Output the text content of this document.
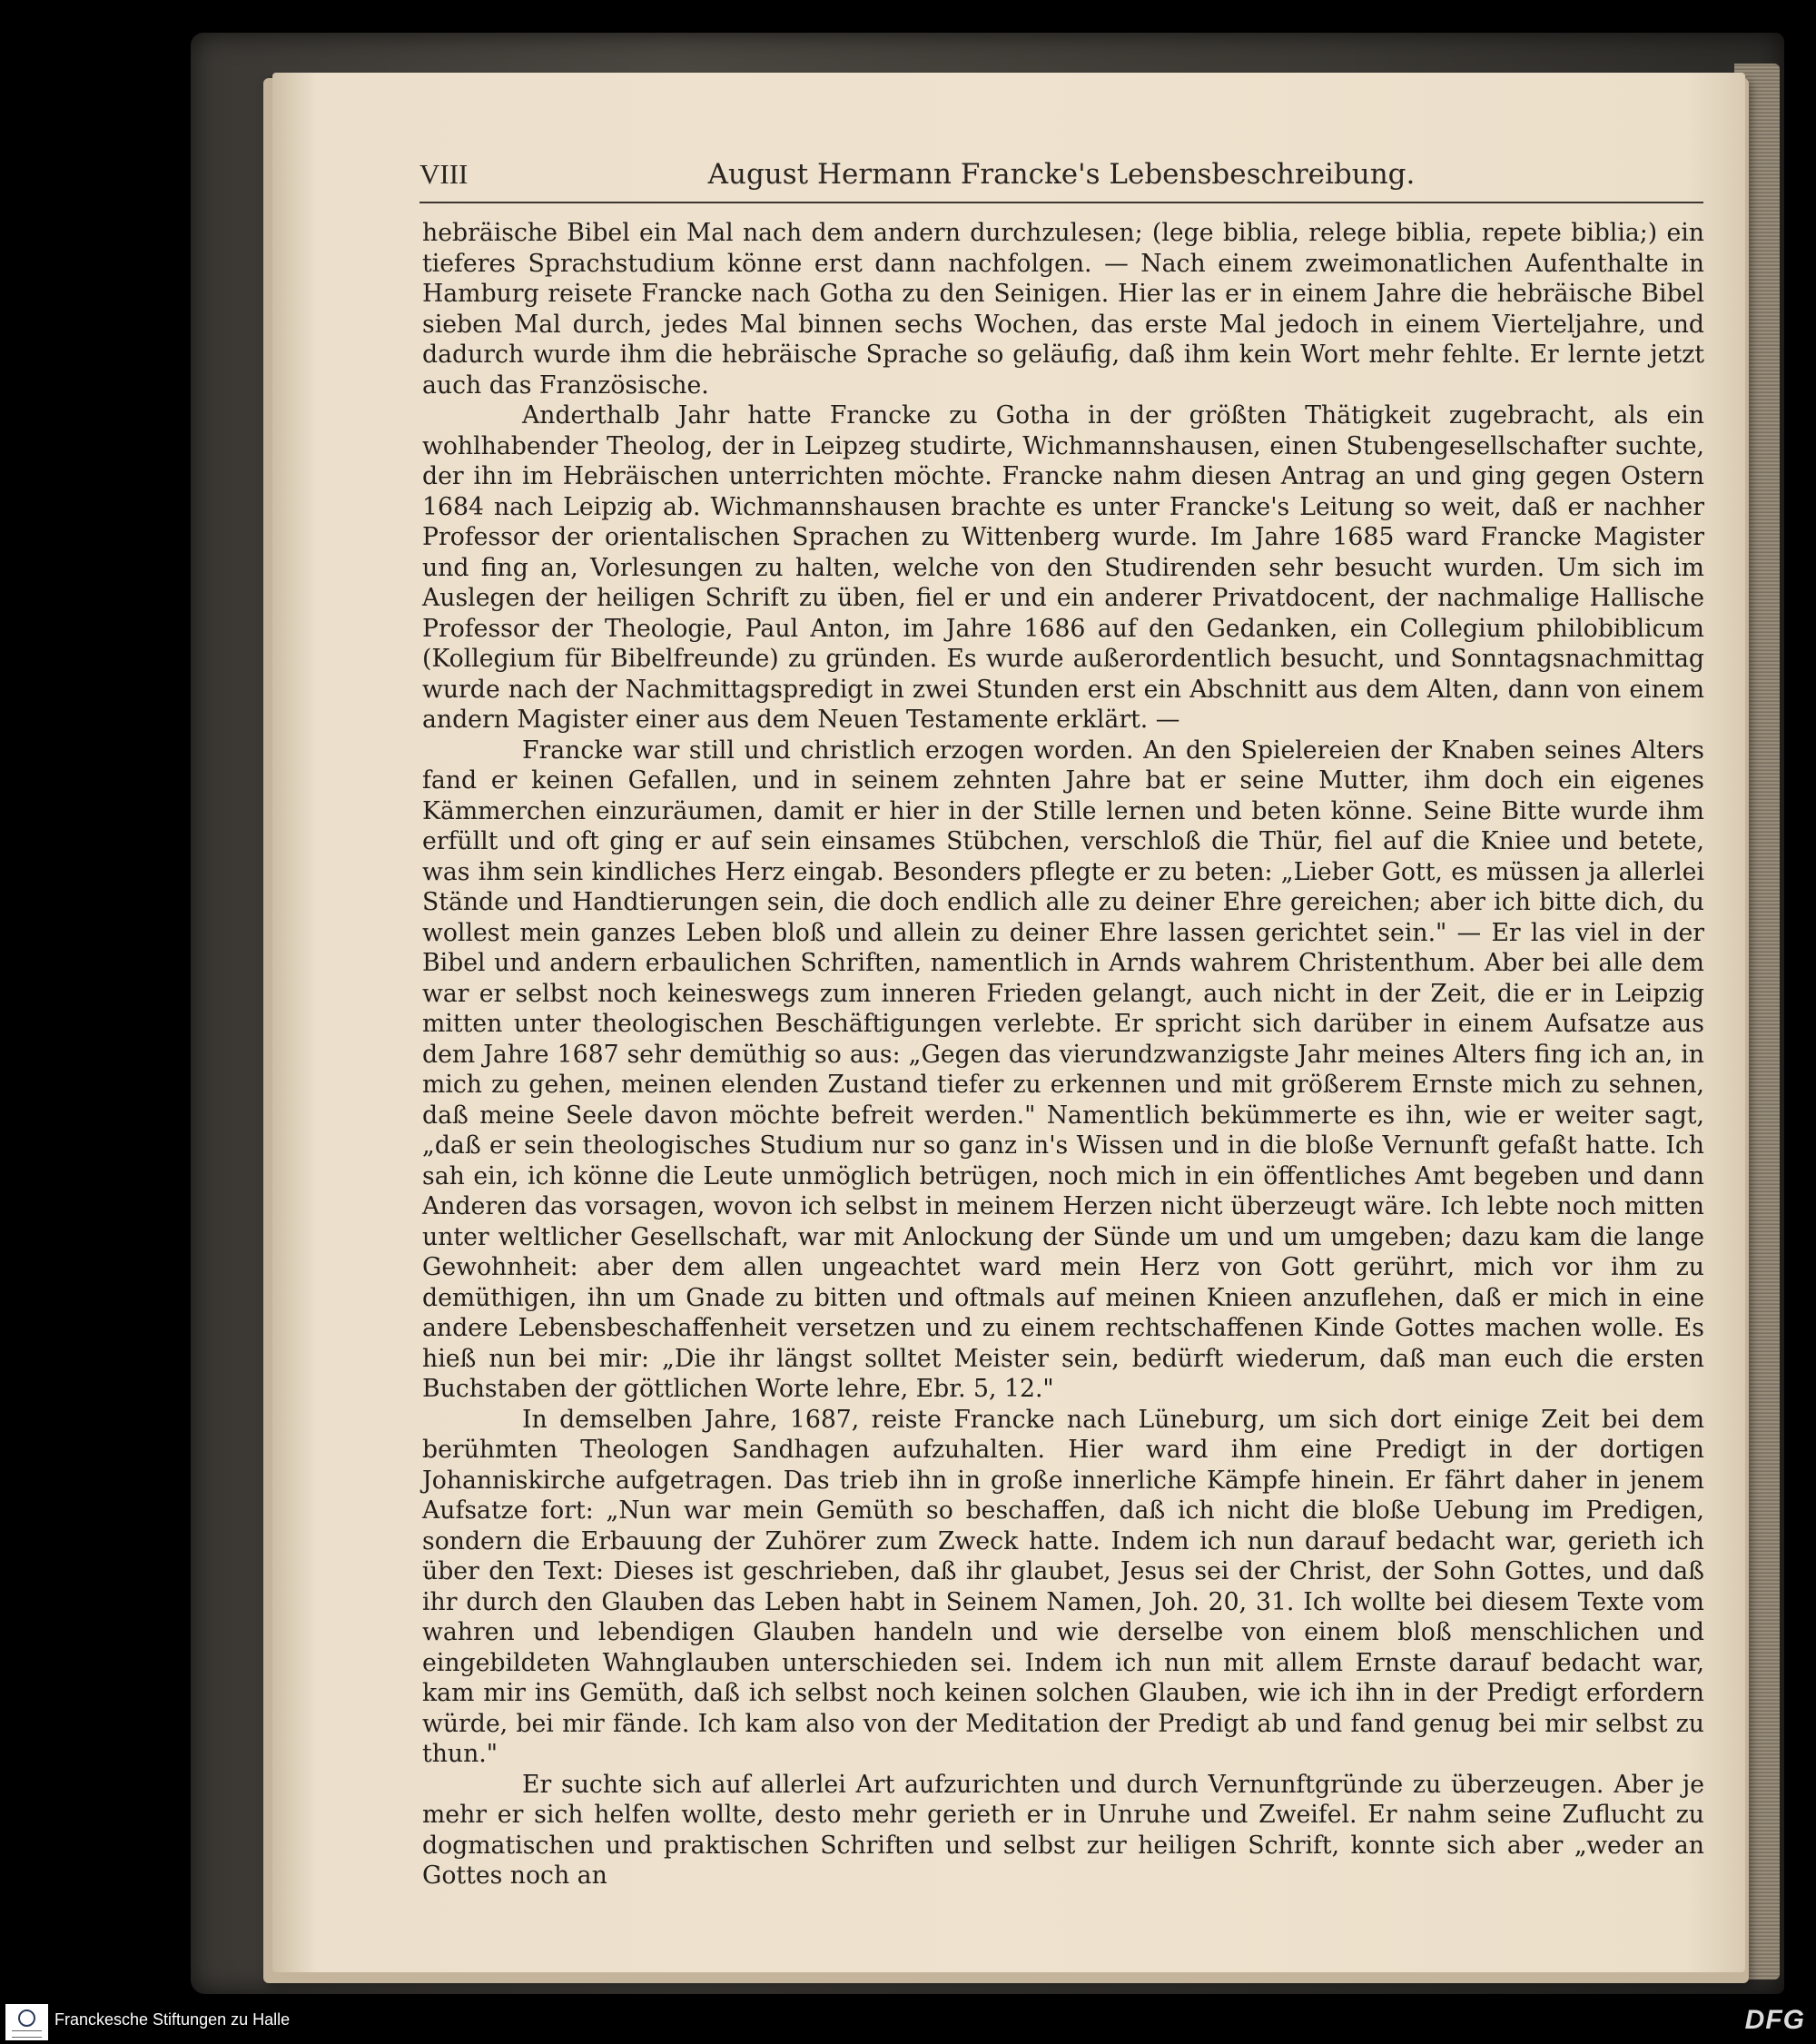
VIII	August Hermann Francke's Lebensbeschreibung.

hebräische Bibel ein Mal nach dem andern durchzulesen; (lege biblia, relege biblia, repete biblia;) ein tieferes Sprachstudium könne erst dann nachfolgen. — Nach einem zweimonatlichen Aufenthalte in Hamburg reisete Francke nach Gotha zu den Seinigen. Hier las er in einem Jahre die hebräische Bibel sieben Mal durch, jedes Mal binnen sechs Wochen, das erste Mal jedoch in einem Vierteljahre, und dadurch wurde ihm die hebräische Sprache so geläufig, daß ihm kein Wort mehr fehlte. Er lernte jetzt auch das Französische.

Anderthalb Jahr hatte Francke zu Gotha in der größten Thätigkeit zugebracht, als ein wohlhabender Theolog, der in Leipzeg studirte, Wichmannshausen, einen Stubengesellschafter suchte, der ihn im Hebräischen unterrichten möchte. Francke nahm diesen Antrag an und ging gegen Ostern 1684 nach Leipzig ab. Wichmannshausen brachte es unter Francke's Leitung so weit, daß er nachher Professor der orientalischen Sprachen zu Wittenberg wurde. Im Jahre 1685 ward Francke Magister und fing an, Vorlesungen zu halten, welche von den Studirenden sehr besucht wurden. Um sich im Auslegen der heiligen Schrift zu üben, fiel er und ein anderer Privatdocent, der nachmalige Hallische Professor der Theologie, Paul Anton, im Jahre 1686 auf den Gedanken, ein Collegium philobiblicum (Kollegium für Bibelfreunde) zu gründen. Es wurde außerordentlich besucht, und Sonntagsnachmittag wurde nach der Nachmittagspredigt in zwei Stunden erst ein Abschnitt aus dem Alten, dann von einem andern Magister einer aus dem Neuen Testamente erklärt. —

Francke war still und christlich erzogen worden. An den Spielereien der Knaben seines Alters fand er keinen Gefallen, und in seinem zehnten Jahre bat er seine Mutter, ihm doch ein eigenes Kämmerchen einzuräumen, damit er hier in der Stille lernen und beten könne. Seine Bitte wurde ihm erfüllt und oft ging er auf sein einsames Stübchen, verschloß die Thür, fiel auf die Kniee und betete, was ihm sein kindliches Herz eingab. Besonders pflegte er zu beten: „Lieber Gott, es müssen ja allerlei Stände und Handtierungen sein, die doch endlich alle zu deiner Ehre gereichen; aber ich bitte dich, du wollest mein ganzes Leben bloß und allein zu deiner Ehre lassen gerichtet sein." — Er las viel in der Bibel und andern erbaulichen Schriften, namentlich in Arnds wahrem Christenthum. Aber bei alle dem war er selbst noch keineswegs zum inneren Frieden gelangt, auch nicht in der Zeit, die er in Leipzig mitten unter theologischen Beschäftigungen verlebte. Er spricht sich darüber in einem Aufsatze aus dem Jahre 1687 sehr demüthig so aus: „Gegen das vierundzwanzigste Jahr meines Alters fing ich an, in mich zu gehen, meinen elenden Zustand tiefer zu erkennen und mit größerem Ernste mich zu sehnen, daß meine Seele davon möchte befreit werden." Namentlich bekümmerte es ihn, wie er weiter sagt, „daß er sein theologisches Studium nur so ganz in's Wissen und in die bloße Vernunft gefaßt hatte. Ich sah ein, ich könne die Leute unmöglich betrügen, noch mich in ein öffentliches Amt begeben und dann Anderen das vorsagen, wovon ich selbst in meinem Herzen nicht überzeugt wäre. Ich lebte noch mitten unter weltlicher Gesellschaft, war mit Anlockung der Sünde um und um umgeben; dazu kam die lange Gewohnheit: aber dem allen ungeachtet ward mein Herz von Gott gerührt, mich vor ihm zu demüthigen, ihn um Gnade zu bitten und oftmals auf meinen Knieen anzuflehen, daß er mich in eine andere Lebensbeschaffenheit versetzen und zu einem rechtschaffenen Kinde Gottes machen wolle. Es hieß nun bei mir: „Die ihr längst solltet Meister sein, bedürft wiederum, daß man euch die ersten Buchstaben der göttlichen Worte lehre, Ebr. 5, 12."

In demselben Jahre, 1687, reiste Francke nach Lüneburg, um sich dort einige Zeit bei dem berühmten Theologen Sandhagen aufzuhalten. Hier ward ihm eine Predigt in der dortigen Johanniskirche aufgetragen. Das trieb ihn in große innerliche Kämpfe hinein. Er fährt daher in jenem Aufsatze fort: „Nun war mein Gemüth so beschaffen, daß ich nicht die bloße Uebung im Predigen, sondern die Erbauung der Zuhörer zum Zweck hatte. Indem ich nun darauf bedacht war, gerieth ich über den Text: Dieses ist geschrieben, daß ihr glaubet, Jesus sei der Christ, der Sohn Gottes, und daß ihr durch den Glauben das Leben habt in Seinem Namen, Joh. 20, 31. Ich wollte bei diesem Texte vom wahren und lebendigen Glauben handeln und wie derselbe von einem bloß menschlichen und eingebildeten Wahnglauben unterschieden sei. Indem ich nun mit allem Ernste darauf bedacht war, kam mir ins Gemüth, daß ich selbst noch keinen solchen Glauben, wie ich ihn in der Predigt erfordern würde, bei mir fände. Ich kam also von der Meditation der Predigt ab und fand genug bei mir selbst zu thun."

Er suchte sich auf allerlei Art aufzurichten und durch Vernunftgründe zu überzeugen. Aber je mehr er sich helfen wollte, desto mehr gerieth er in Unruhe und Zweifel. Er nahm seine Zuflucht zu dogmatischen und praktischen Schriften und selbst zur heiligen Schrift, konnte sich aber „weder an Gottes noch an

Franckesche Stiftungen zu Halle	DFG
